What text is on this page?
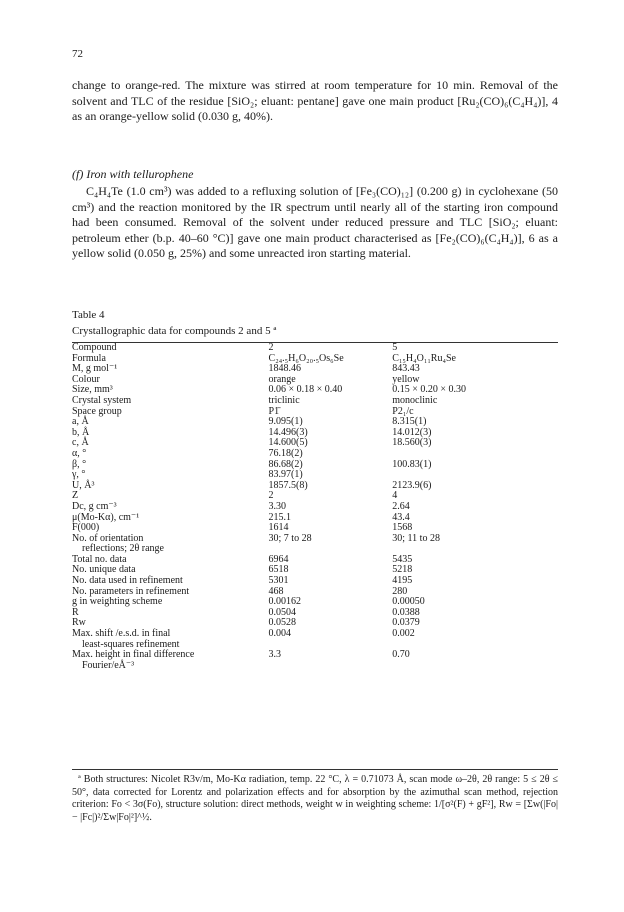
72

change to orange-red. The mixture was stirred at room temperature for 10 min. Removal of the solvent and TLC of the residue [SiO₂; eluant: pentane] gave one main product [Ru₂(CO)₆(C₄H₄)], 4 as an orange-yellow solid (0.030 g, 40%).

(f) Iron with tellurophene

C₄H₄Te (1.0 cm³) was added to a refluxing solution of [Fe₃(CO)₁₂] (0.200 g) in cyclohexane (50 cm³) and the reaction monitored by the IR spectrum until nearly all of the starting iron compound had been consumed. Removal of the solvent under reduced pressure and TLC [SiO₂; eluant: petroleum ether (b.p. 40–60 °C)] gave one main product characterised as [Fe₂(CO)₆(C₄H₄)], 6 as a yellow solid (0.050 g, 25%) and some unreacted iron starting material.

Table 4
Crystallographic data for compounds 2 and 5 ª
Compound	2	5
Formula	C₂₄.₅H₆O₂₀.₅Os₆Se	C₁₅H₄O₁₁Ru₄Se
M, g mol⁻¹	1848.46	843.43
Colour	orange	yellow
Size, mm³	0.06 × 0.18 × 0.40	0.15 × 0.20 × 0.30
Crystal system	triclinic	monoclinic
Space group	P1̄	P2₁/c
a, Å	9.095(1)	8.315(1)
b, Å	14.496(3)	14.012(3)
c, Å	14.600(5)	18.560(3)
α, °	76.18(2)	
β, °	86.68(2)	100.83(1)
γ, °	83.97(1)	
U, Å³	1857.5(8)	2123.9(6)
Z	2	4
Dc, g cm⁻³	3.30	2.64
μ(Mo-Kα), cm⁻¹	215.1	43.4
F(000)	1614	1568
No. of orientation	30; 7 to 28	30; 11 to 28
reflections; 2θ range		
Total no. data	6964	5435
No. unique data	6518	5218
No. data used in refinement	5301	4195
No. parameters in refinement	468	280
g in weighting scheme	0.00162	0.00050
R	0.0504	0.0388
Rw	0.0528	0.0379
Max. shift /e.s.d. in final	0.004	0.002
least-squares refinement		
Max. height in final difference	3.3	0.70
Fourier/eÅ⁻³		

ª Both structures: Nicolet R3v/m, Mo-Kα radiation, temp. 22 °C, λ = 0.71073 Å, scan mode ω–2θ, 2θ range: 5 ≤ 2θ ≤ 50°, data corrected for Lorentz and polarization effects and for absorption by the azimuthal scan method, rejection criterion: Fo < 3σ(Fo), structure solution: direct methods, weight w in weighting scheme: 1/[σ²(F) + gF²], Rw = [Σw(|Fo| − |Fc|)²/Σw|Fo|²]^½.
